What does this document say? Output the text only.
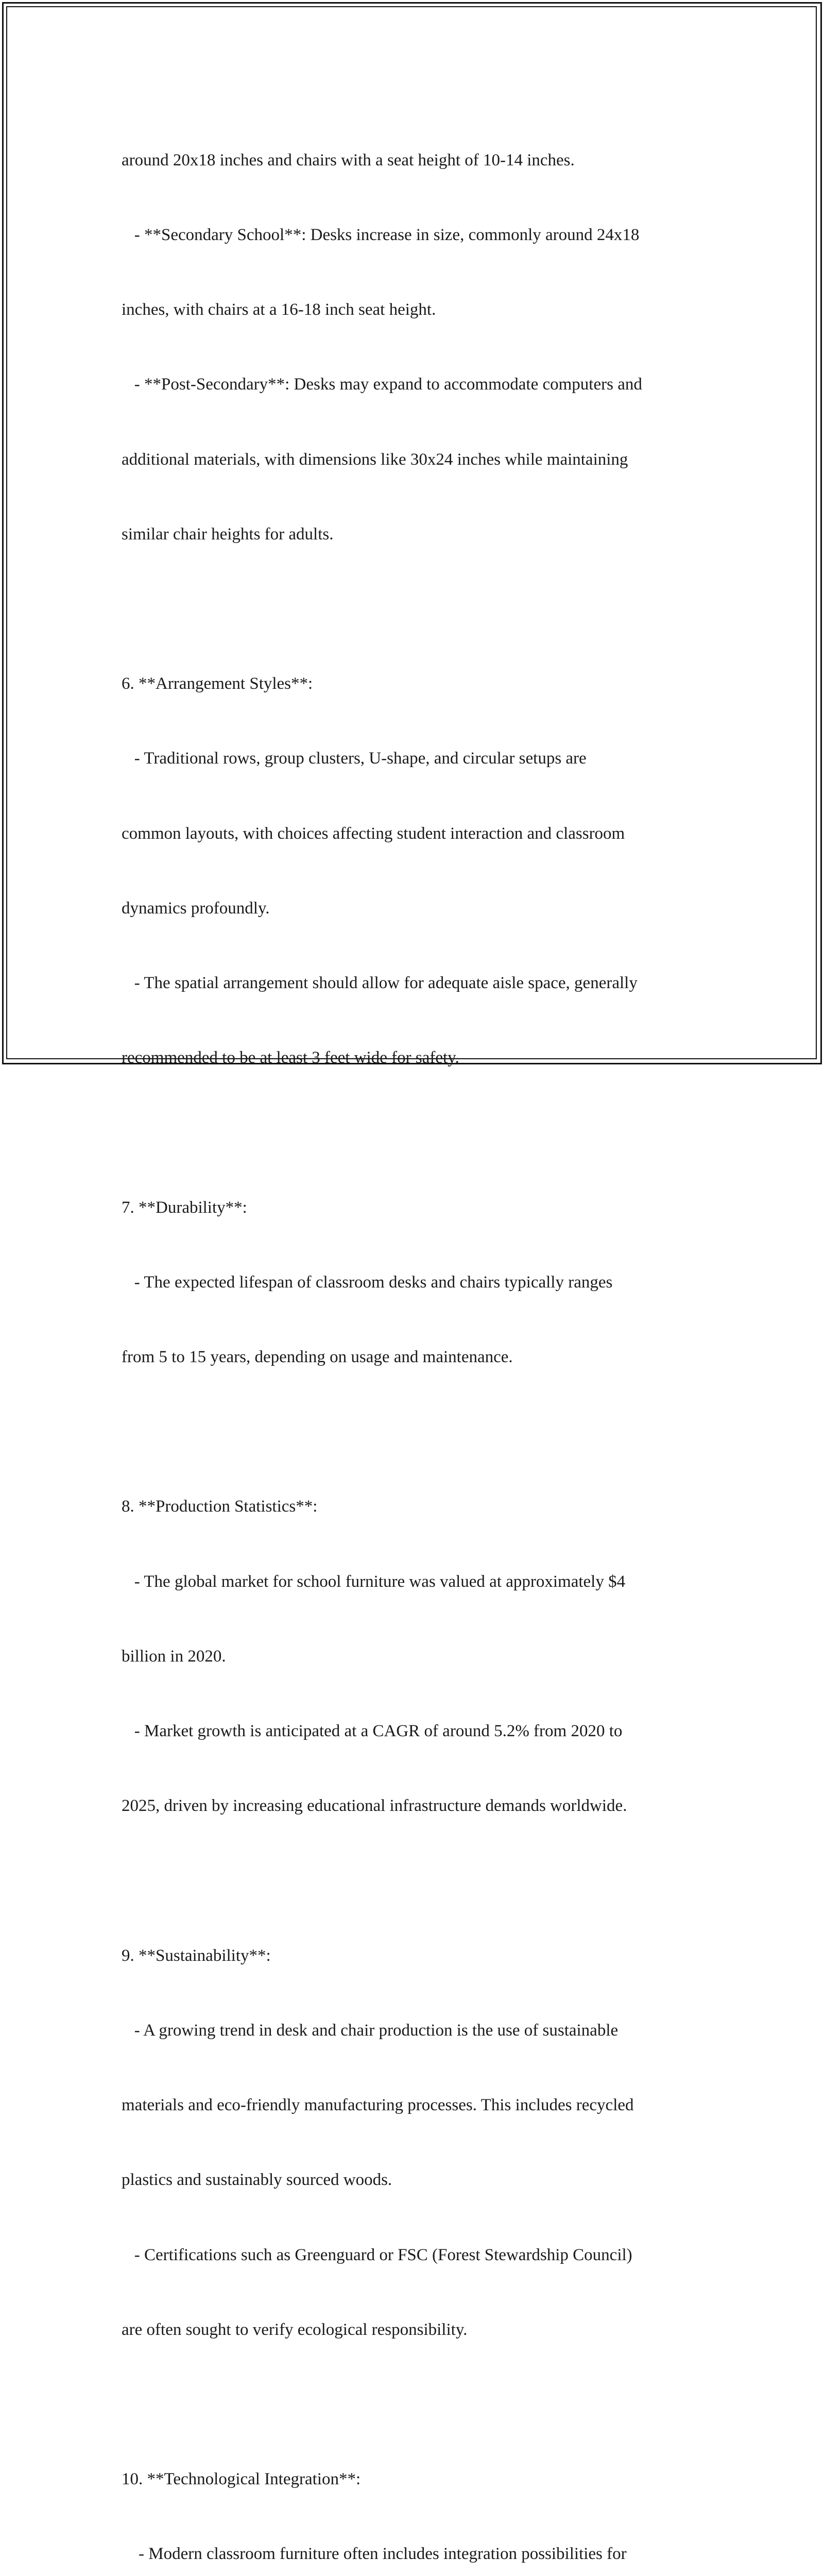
around 20x18 inches and chairs with a seat height of 10-14 inches.

- **Secondary School**: Desks increase in size, commonly around 24x18

inches, with chairs at a 16-18 inch seat height.

- **Post-Secondary**: Desks may expand to accommodate computers and

additional materials, with dimensions like 30x24 inches while maintaining

similar chair heights for adults.

6. **Arrangement Styles**:

- Traditional rows, group clusters, U-shape, and circular setups are

common layouts, with choices affecting student interaction and classroom

dynamics profoundly.

- The spatial arrangement should allow for adequate aisle space, generally

recommended to be at least 3 feet wide for safety.

7. **Durability**:

- The expected lifespan of classroom desks and chairs typically ranges

from 5 to 15 years, depending on usage and maintenance.

8. **Production Statistics**:

- The global market for school furniture was valued at approximately $4

billion in 2020.

- Market growth is anticipated at a CAGR of around 5.2% from 2020 to

2025, driven by increasing educational infrastructure demands worldwide.

9. **Sustainability**:

- A growing trend in desk and chair production is the use of sustainable

materials and eco-friendly manufacturing processes. This includes recycled

plastics and sustainably sourced woods.

- Certifications such as Greenguard or FSC (Forest Stewardship Council)

are often sought to verify ecological responsibility.

10. **Technological Integration**:

- Modern classroom furniture often includes integration possibilities for
